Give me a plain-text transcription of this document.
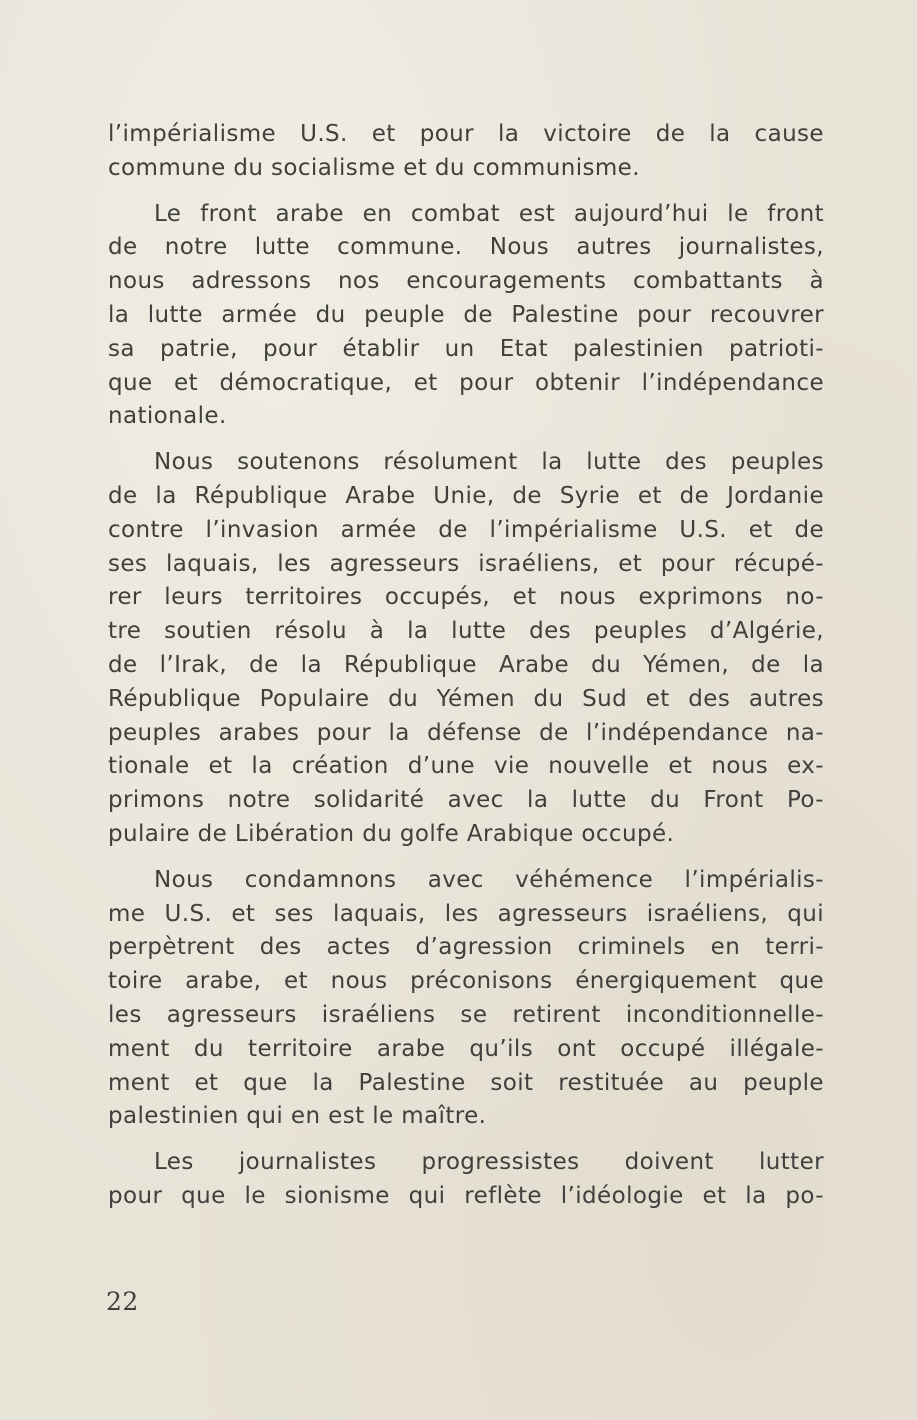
l’impérialisme U.S. et pour la victoire de la cause
commune du socialisme et du communisme.
Le front arabe en combat est aujourd’hui le front
de notre lutte commune. Nous autres journalistes,
nous adressons nos encouragements combattants à
la lutte armée du peuple de Palestine pour recouvrer
sa patrie, pour établir un Etat palestinien patrioti-
que et démocratique, et pour obtenir l’indépendance
nationale.
Nous soutenons résolument la lutte des peuples
de la République Arabe Unie, de Syrie et de Jordanie
contre l’invasion armée de l’impérialisme U.S. et de
ses laquais, les agresseurs israéliens, et pour récupé-
rer leurs territoires occupés, et nous exprimons no-
tre soutien résolu à la lutte des peuples d’Algérie,
de l’Irak, de la République Arabe du Yémen, de la
République Populaire du Yémen du Sud et des autres
peuples arabes pour la défense de l’indépendance na-
tionale et la création d’une vie nouvelle et nous ex-
primons notre solidarité avec la lutte du Front Po-
pulaire de Libération du golfe Arabique occupé.
Nous condamnons avec véhémence l’impérialis-
me U.S. et ses laquais, les agresseurs israéliens, qui
perpètrent des actes d’agression criminels en terri-
toire arabe, et nous préconisons énergiquement que
les agresseurs israéliens se retirent inconditionnelle-
ment du territoire arabe qu’ils ont occupé illégale-
ment et que la Palestine soit restituée au peuple
palestinien qui en est le maître.
Les journalistes progressistes doivent lutter
pour que le sionisme qui reflète l’idéologie et la po-
22
